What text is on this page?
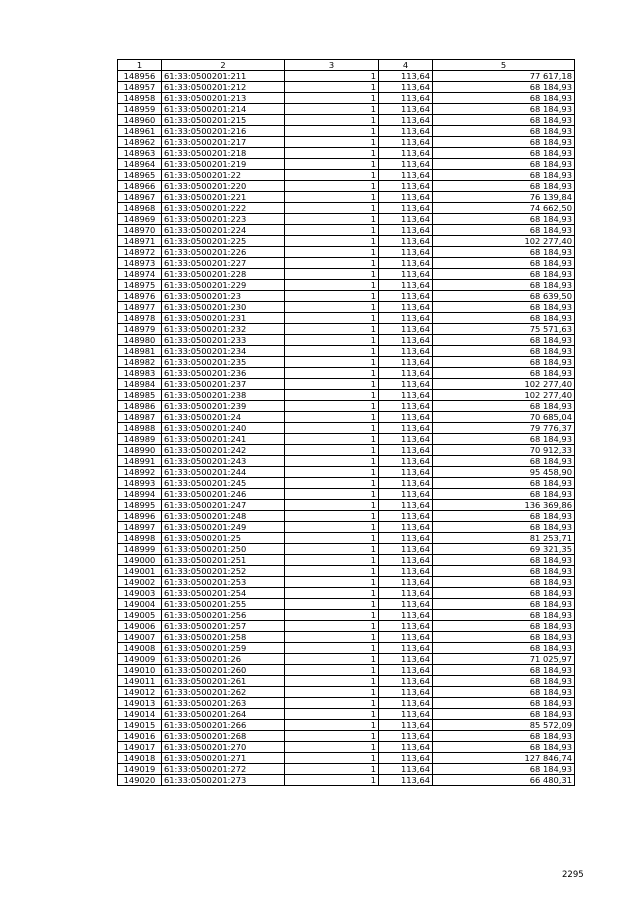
1	2	3	4	5
148956	61:33:0500201:211	1	113,64	77 617,18
148957	61:33:0500201:212	1	113,64	68 184,93
148958	61:33:0500201:213	1	113,64	68 184,93
148959	61:33:0500201:214	1	113,64	68 184,93
148960	61:33:0500201:215	1	113,64	68 184,93
148961	61:33:0500201:216	1	113,64	68 184,93
148962	61:33:0500201:217	1	113,64	68 184,93
148963	61:33:0500201:218	1	113,64	68 184,93
148964	61:33:0500201:219	1	113,64	68 184,93
148965	61:33:0500201:22	1	113,64	68 184,93
148966	61:33:0500201:220	1	113,64	68 184,93
148967	61:33:0500201:221	1	113,64	76 139,84
148968	61:33:0500201:222	1	113,64	74 662,50
148969	61:33:0500201:223	1	113,64	68 184,93
148970	61:33:0500201:224	1	113,64	68 184,93
148971	61:33:0500201:225	1	113,64	102 277,40
148972	61:33:0500201:226	1	113,64	68 184,93
148973	61:33:0500201:227	1	113,64	68 184,93
148974	61:33:0500201:228	1	113,64	68 184,93
148975	61:33:0500201:229	1	113,64	68 184,93
148976	61:33:0500201:23	1	113,64	68 639,50
148977	61:33:0500201:230	1	113,64	68 184,93
148978	61:33:0500201:231	1	113,64	68 184,93
148979	61:33:0500201:232	1	113,64	75 571,63
148980	61:33:0500201:233	1	113,64	68 184,93
148981	61:33:0500201:234	1	113,64	68 184,93
148982	61:33:0500201:235	1	113,64	68 184,93
148983	61:33:0500201:236	1	113,64	68 184,93
148984	61:33:0500201:237	1	113,64	102 277,40
148985	61:33:0500201:238	1	113,64	102 277,40
148986	61:33:0500201:239	1	113,64	68 184,93
148987	61:33:0500201:24	1	113,64	70 685,04
148988	61:33:0500201:240	1	113,64	79 776,37
148989	61:33:0500201:241	1	113,64	68 184,93
148990	61:33:0500201:242	1	113,64	70 912,33
148991	61:33:0500201:243	1	113,64	68 184,93
148992	61:33:0500201:244	1	113,64	95 458,90
148993	61:33:0500201:245	1	113,64	68 184,93
148994	61:33:0500201:246	1	113,64	68 184,93
148995	61:33:0500201:247	1	113,64	136 369,86
148996	61:33:0500201:248	1	113,64	68 184,93
148997	61:33:0500201:249	1	113,64	68 184,93
148998	61:33:0500201:25	1	113,64	81 253,71
148999	61:33:0500201:250	1	113,64	69 321,35
149000	61:33:0500201:251	1	113,64	68 184,93
149001	61:33:0500201:252	1	113,64	68 184,93
149002	61:33:0500201:253	1	113,64	68 184,93
149003	61:33:0500201:254	1	113,64	68 184,93
149004	61:33:0500201:255	1	113,64	68 184,93
149005	61:33:0500201:256	1	113,64	68 184,93
149006	61:33:0500201:257	1	113,64	68 184,93
149007	61:33:0500201:258	1	113,64	68 184,93
149008	61:33:0500201:259	1	113,64	68 184,93
149009	61:33:0500201:26	1	113,64	71 025,97
149010	61:33:0500201:260	1	113,64	68 184,93
149011	61:33:0500201:261	1	113,64	68 184,93
149012	61:33:0500201:262	1	113,64	68 184,93
149013	61:33:0500201:263	1	113,64	68 184,93
149014	61:33:0500201:264	1	113,64	68 184,93
149015	61:33:0500201:266	1	113,64	85 572,09
149016	61:33:0500201:268	1	113,64	68 184,93
149017	61:33:0500201:270	1	113,64	68 184,93
149018	61:33:0500201:271	1	113,64	127 846,74
149019	61:33:0500201:272	1	113,64	68 184,93
149020	61:33:0500201:273	1	113,64	66 480,31
2295
